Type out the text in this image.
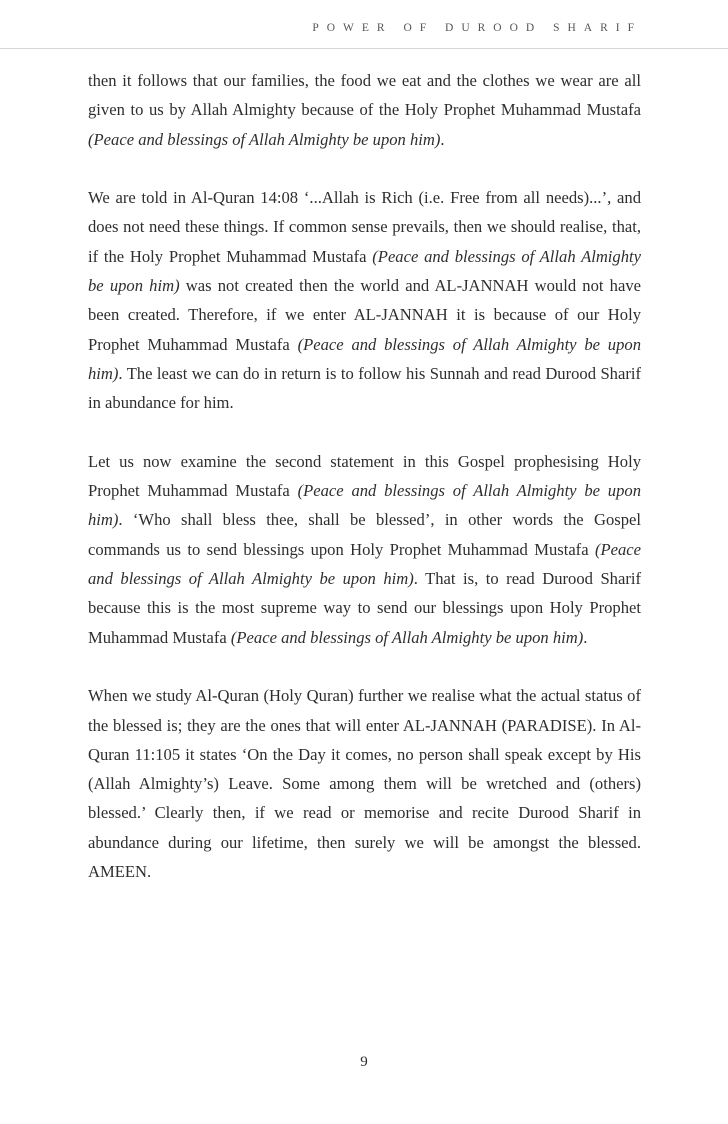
POWER OF DUROOD SHARIF

then it follows that our families, the food we eat and the clothes we wear are all given to us by Allah Almighty because of the Holy Prophet Muhammad Mustafa (Peace and blessings of Allah Almighty be upon him).

We are told in Al-Quran 14:08 ‘...Allah is Rich (i.e. Free from all needs)...’, and does not need these things. If common sense prevails, then we should realise, that, if the Holy Prophet Muhammad Mustafa (Peace and blessings of Allah Almighty be upon him) was not created then the world and AL-JANNAH would not have been created. Therefore, if we enter AL-JANNAH it is because of our Holy Prophet Muhammad Mustafa (Peace and blessings of Allah Almighty be upon him). The least we can do in return is to follow his Sunnah and read Durood Sharif in abundance for him.

Let us now examine the second statement in this Gospel prophesising Holy Prophet Muhammad Mustafa (Peace and blessings of Allah Almighty be upon him). ‘Who shall bless thee, shall be blessed’, in other words the Gospel commands us to send blessings upon Holy Prophet Muhammad Mustafa (Peace and blessings of Allah Almighty be upon him). That is, to read Durood Sharif because this is the most supreme way to send our blessings upon Holy Prophet Muhammad Mustafa (Peace and blessings of Allah Almighty be upon him).

When we study Al-Quran (Holy Quran) further we realise what the actual status of the blessed is; they are the ones that will enter AL-JANNAH (PARADISE). In Al-Quran 11:105 it states ‘On the Day it comes, no person shall speak except by His (Allah Almighty’s) Leave. Some among them will be wretched and (others) blessed.’ Clearly then, if we read or memorise and recite Durood Sharif in abundance during our lifetime, then surely we will be amongst the blessed. AMEEN.

9
